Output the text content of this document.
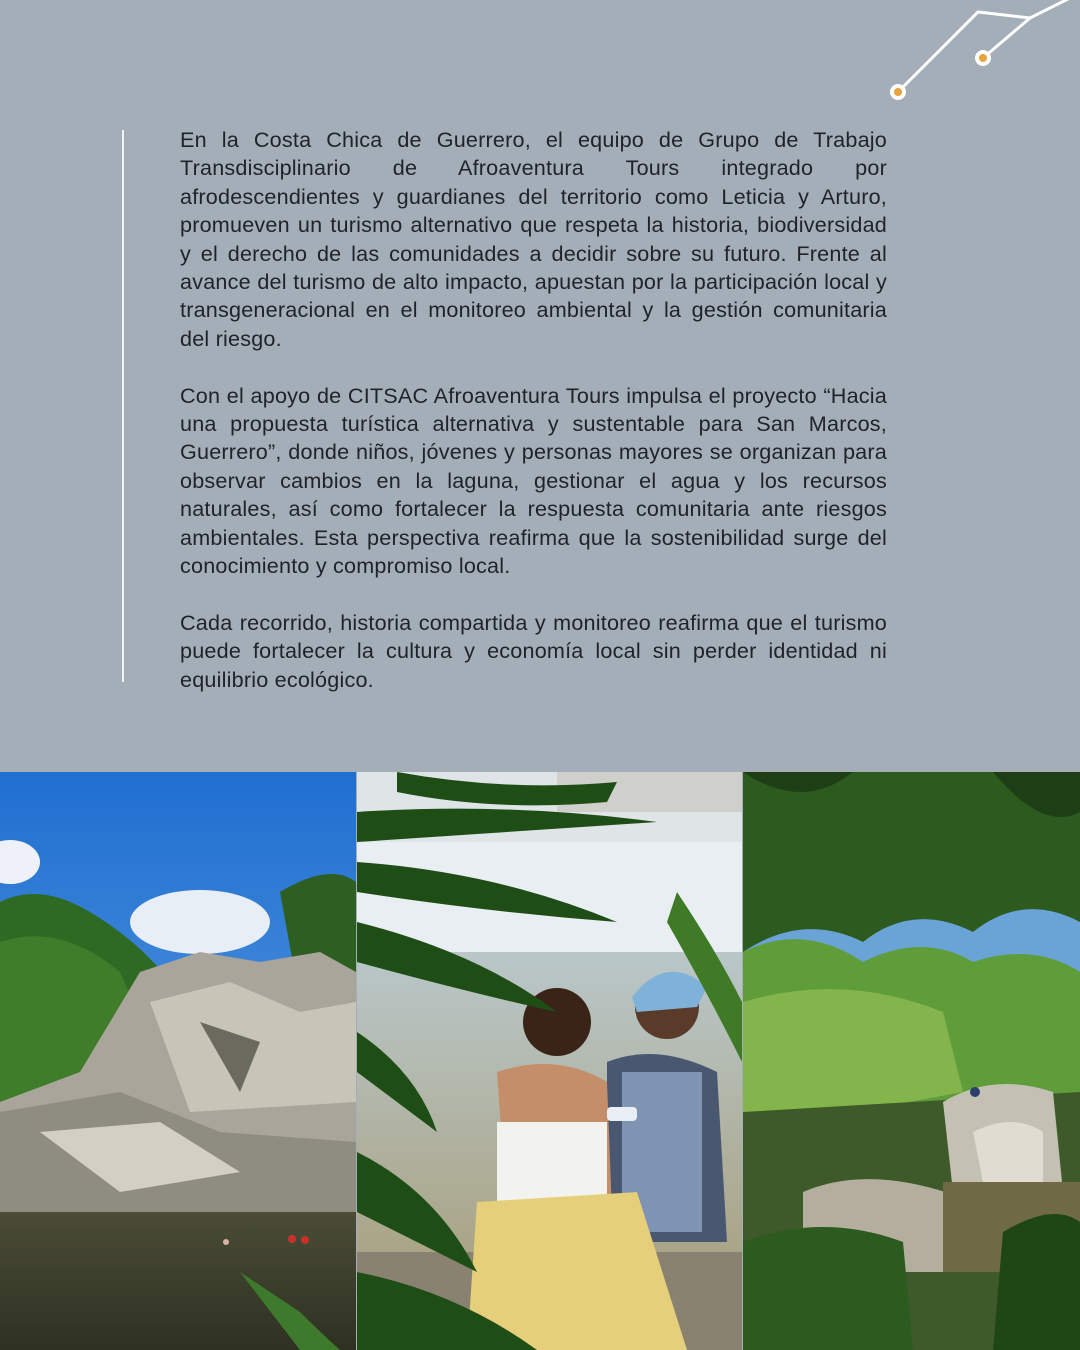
En la Costa Chica de Guerrero, el equipo de Grupo de Trabajo Transdisciplinario de Afroaventura Tours integrado por afrodescendientes y guardianes del territorio como Leticia y Arturo, promueven un turismo alternativo que respeta la historia, biodiversidad y el derecho de las comunidades a decidir sobre su futuro. Frente al avance del turismo de alto impacto, apuestan por la participación local y transgeneracional en el monitoreo ambiental y la gestión comunitaria del riesgo.

Con el apoyo de CITSAC Afroaventura Tours impulsa el proyecto “Hacia una propuesta turística alternativa y sustentable para San Marcos, Guerrero”, donde niños, jóvenes y personas mayores se organizan para observar cambios en la laguna, gestionar el agua y los recursos naturales, así como fortalecer la respuesta comunitaria ante riesgos ambientales. Esta perspectiva reafirma que la sostenibilidad surge del conocimiento y compromiso local.

Cada recorrido, historia compartida y monitoreo reafirma que el turismo puede fortalecer la cultura y economía local sin perder identidad ni equilibrio ecológico.
